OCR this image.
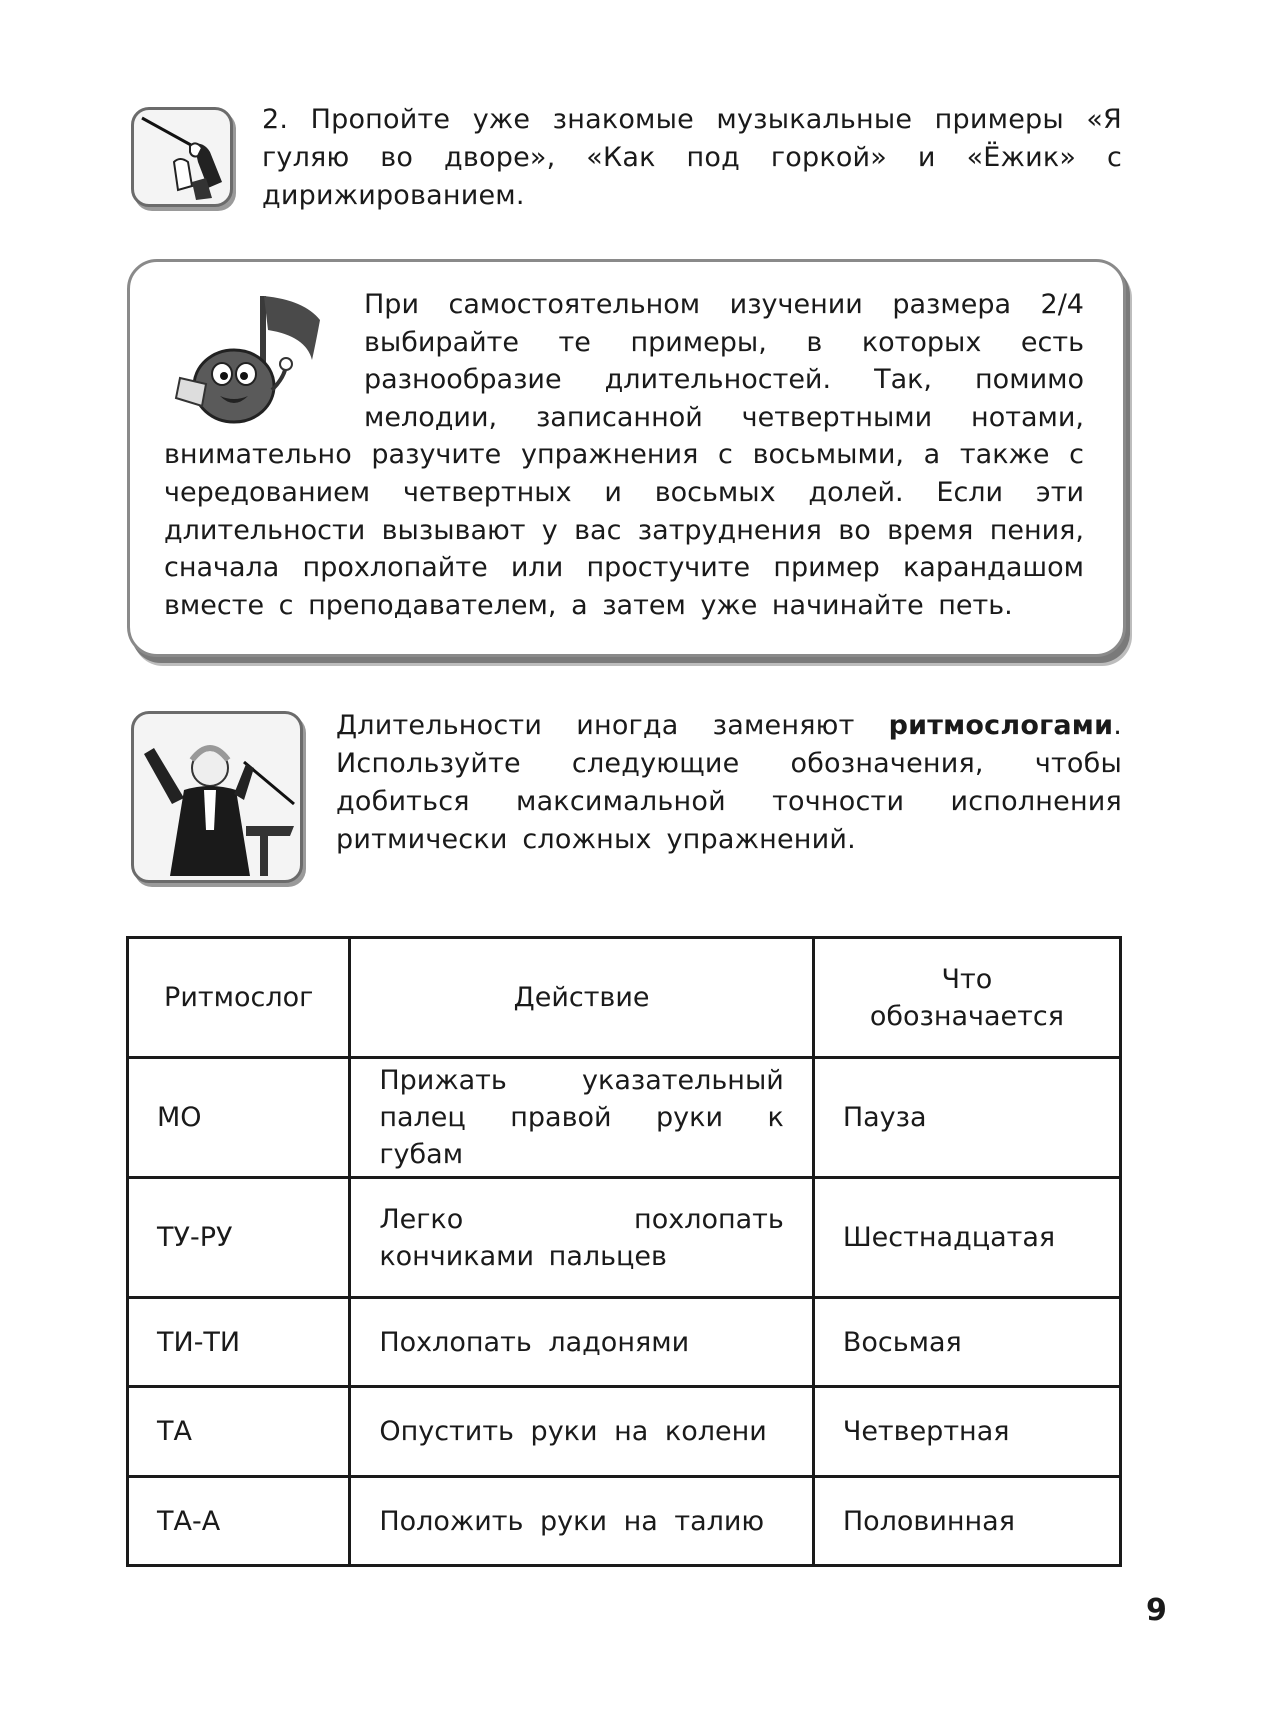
2. Пропойте уже знакомые музыкальные примеры «Я гуляю во дворе», «Как под горкой» и «Ёжик» с дирижированием.
При самостоятельном изучении размера 2/4 выбирайте те примеры, в которых есть разнообразие длительностей. Так, помимо мелодии, записанной четвертными нотами, внимательно разучите упражнения с восьмыми, а также с чередованием четвертных и восьмых долей. Если эти длительности вызывают у вас затруднения во время пения, сначала прохлопайте или простучите пример карандашом вместе с преподавателем, а затем уже начинайте петь.
Длительности иногда заменяют ритмослогами. Используйте следующие обозначения, чтобы добиться максимальной точности исполнения ритмически сложных упражнений.
Ритмослог	Действие	Что обозначается
МО	Прижать указательный палец правой руки к губам	Пауза
ТУ-РУ	Легко похлопать кончиками пальцев	Шестнадцатая
ТИ-ТИ	Похлопать ладонями	Восьмая
ТА	Опустить руки на колени	Четвертная
ТА-А	Положить руки на талию	Половинная
9
